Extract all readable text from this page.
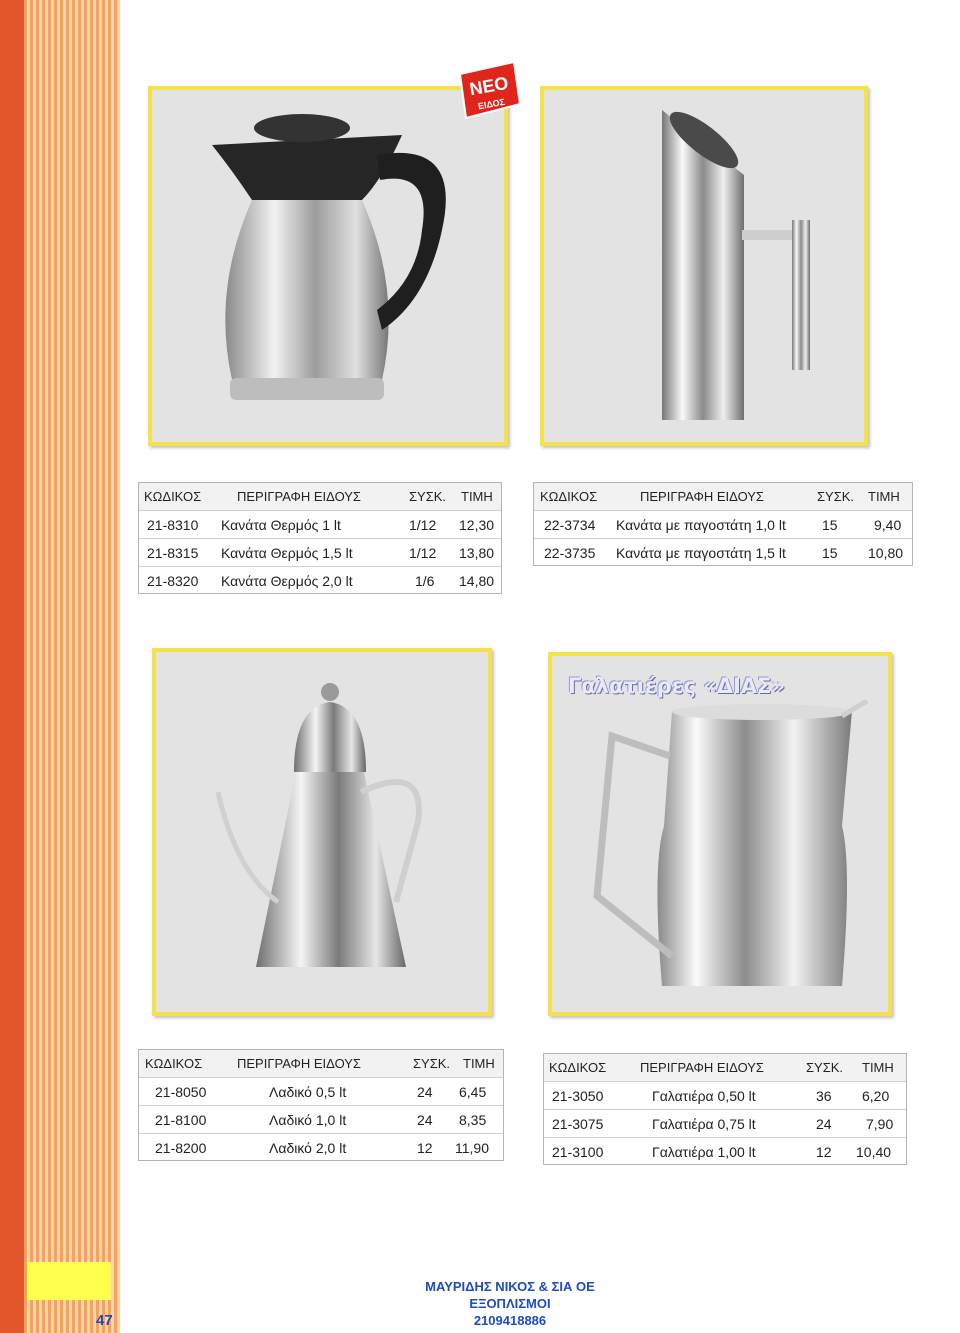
47
ΝΕΟ
ΕΙΔΟΣ
ΚΩΔΙΚΟΣ	ΠΕΡΙΓΡΑΦΗ ΕΙΔΟΥΣ	ΣΥΣΚ. ΤΙΜΗ
21-8310 Κανάτα Θερμός 1 lt	1/12 12,30
21-8315 Κανάτα Θερμός 1,5 lt	1/12 13,80
21-8320 Κανάτα Θερμός 2,0 lt	1/6 14,80
ΚΩΔΙΚΟΣ	ΠΕΡΙΓΡΑΦΗ ΕΙΔΟΥΣ	ΣΥΣΚ. ΤΙΜΗ
22-3734 Κανάτα με παγοστάτη 1,0 lt	15	9,40
22-3735 Κανάτα με παγοστάτη 1,5 lt	15 10,80
Γαλατιέρες «ΔΙΑΣ»
ΚΩΔΙΚΟΣ	ΠΕΡΙΓΡΑΦΗ ΕΙΔΟΥΣ	ΣΥΣΚ. ΤΙΜΗ
21-8050	Λαδικό 0,5 lt	24 6,45
21-8100	Λαδικό 1,0 lt	24 8,35
21-8200	Λαδικό 2,0 lt	12 11,90
ΚΩΔΙΚΟΣ	ΠΕΡΙΓΡΑΦΗ ΕΙΔΟΥΣ	ΣΥΣΚ. ΤΙΜΗ
21-3050	Γαλατιέρα 0,50 lt	36 6,20
21-3075	Γαλατιέρα 0,75 lt	24 7,90
21-3100	Γαλατιέρα 1,00 lt	12 10,40
ΜΑΥΡΙΔΗΣ ΝΙΚΟΣ & ΣΙΑ ΟΕ
ΕΞΟΠΛΙΣΜΟΙ
2109418886
